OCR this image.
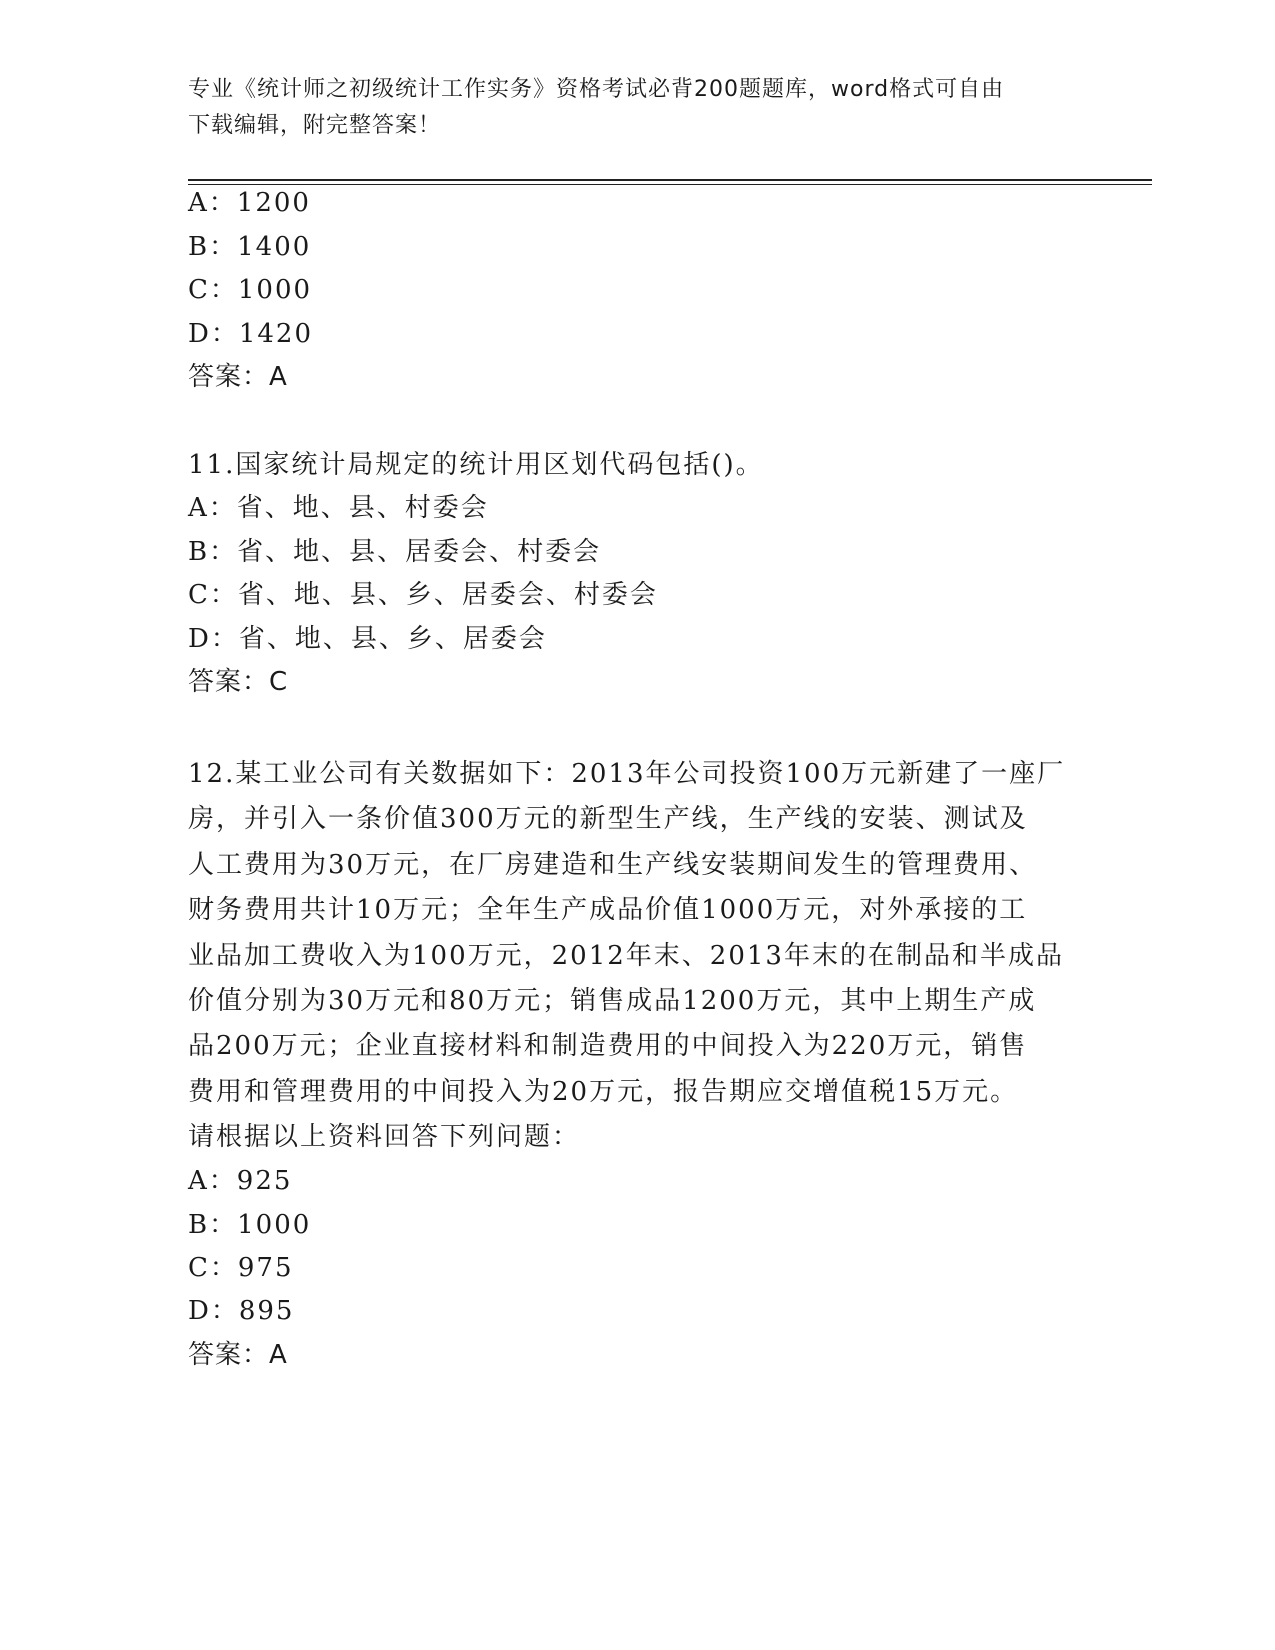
专业《统计师之初级统计工作实务》资格考试必背200题题库，word格式可自由
下载编辑，附完整答案！
A：1200
B：1400
C：1000
D：1420
答案：A
11.国家统计局规定的统计用区划代码包括()。
A：省、地、县、村委会
B：省、地、县、居委会、村委会
C：省、地、县、乡、居委会、村委会
D：省、地、县、乡、居委会
答案：C
12.某工业公司有关数据如下：2013年公司投资100万元新建了一座厂
房，并引入一条价值300万元的新型生产线，生产线的安装、测试及
人工费用为30万元，在厂房建造和生产线安装期间发生的管理费用、
财务费用共计10万元；全年生产成品价值1000万元，对外承接的工
业品加工费收入为100万元，2012年末、2013年末的在制品和半成品
价值分别为30万元和80万元；销售成品1200万元，其中上期生产成
品200万元；企业直接材料和制造费用的中间投入为220万元，销售
费用和管理费用的中间投入为20万元，报告期应交增值税15万元。
请根据以上资料回答下列问题：
A：925
B：1000
C：975
D：895
答案：A
